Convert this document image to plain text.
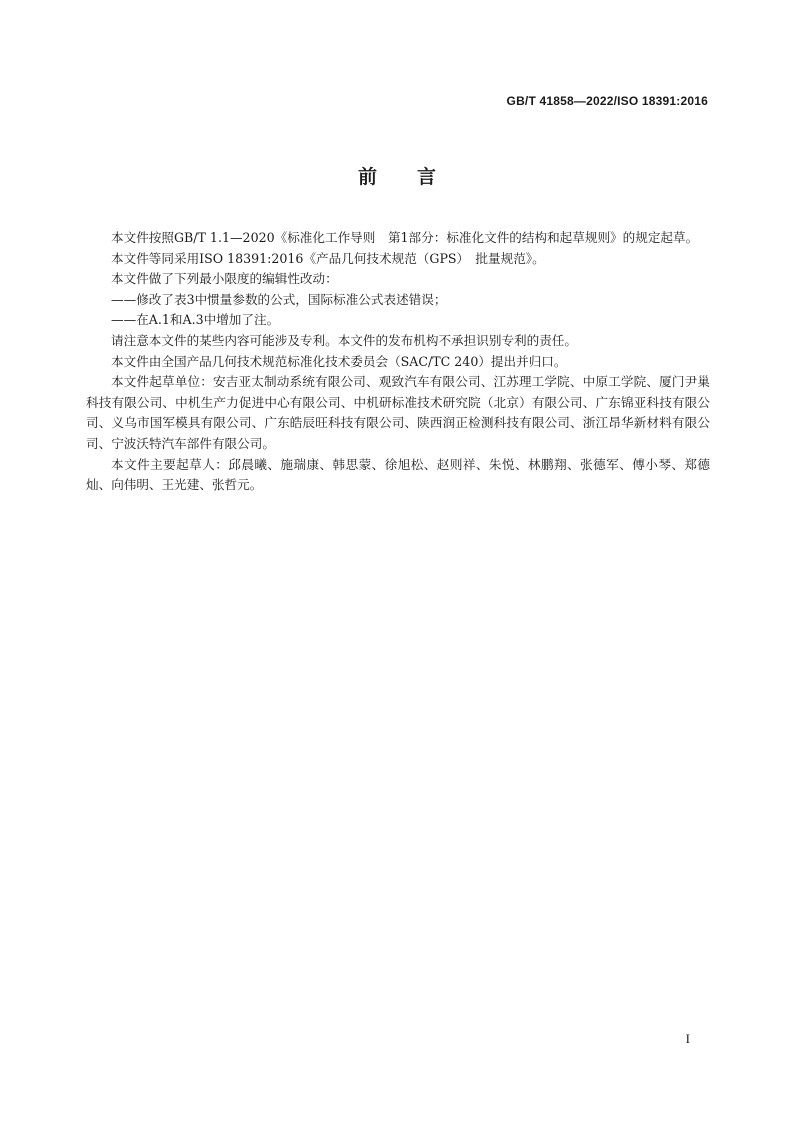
GB/T 41858—2022/ISO 18391:2016
前言

本文件按照GB/T 1.1—2020《标准化工作导则　第1部分：标准化文件的结构和起草规则》的规定起草。

本文件等同采用ISO 18391:2016《产品几何技术规范（GPS）　批量规范》。

本文件做了下列最小限度的编辑性改动：

——修改了表3中惯量参数的公式，国际标准公式表述错误；

——在A.1和A.3中增加了注。

请注意本文件的某些内容可能涉及专利。本文件的发布机构不承担识别专利的责任。

本文件由全国产品几何技术规范标准化技术委员会（SAC/TC 240）提出并归口。

本文件起草单位：安吉亚太制动系统有限公司、观致汽车有限公司、江苏理工学院、中原工学院、厦门尹巢科技有限公司、中机生产力促进中心有限公司、中机研标准技术研究院（北京）有限公司、广东锦亚科技有限公司、义乌市国军模具有限公司、广东皓辰旺科技有限公司、陕西润正检测科技有限公司、浙江昂华新材料有限公司、宁波沃特汽车部件有限公司。

本文件主要起草人：邱晨曦、施瑞康、韩思蒙、徐旭松、赵则祥、朱悦、林鹏翔、张德军、傅小琴、郑德灿、向伟明、王光建、张哲元。

I
